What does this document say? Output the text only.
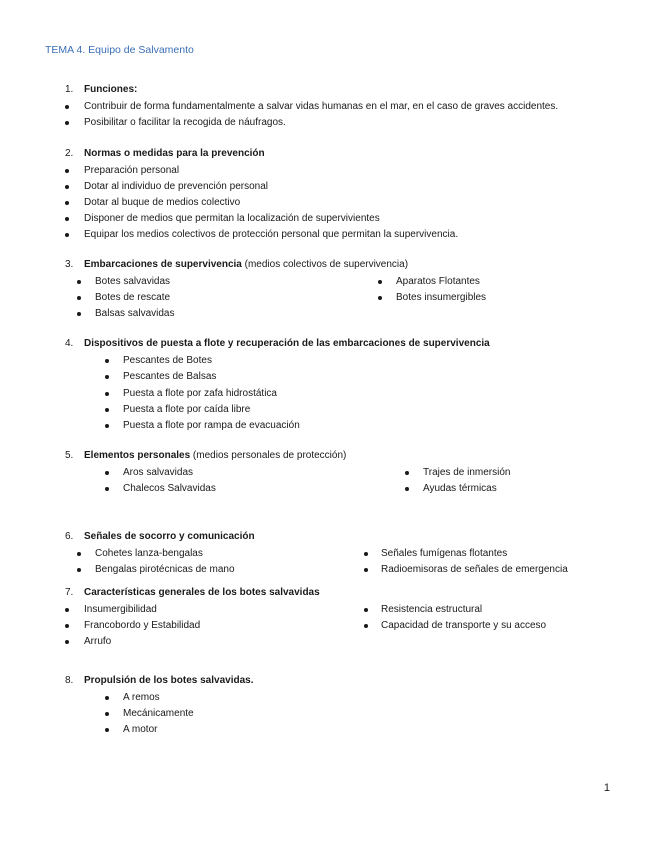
TEMA 4. Equipo de Salvamento
1. Funciones:
Contribuir de forma fundamentalmente a salvar vidas humanas en el mar, en el caso de graves accidentes.
Posibilitar o facilitar la recogida de náufragos.
2. Normas o medidas para la prevención
Preparación personal
Dotar al individuo de prevención personal
Dotar al buque de medios colectivo
Disponer de medios que permitan la localización de supervivientes
Equipar los medios colectivos de protección personal que permitan la supervivencia.
3. Embarcaciones de supervivencia (medios colectivos de supervivencia)
Botes salvavidas
Botes de rescate
Balsas salvavidas
Aparatos Flotantes
Botes insumergibles
4. Dispositivos de puesta a flote y recuperación de las embarcaciones de supervivencia
Pescantes de Botes
Pescantes de Balsas
Puesta a flote por zafa hidrostática
Puesta a flote por caída libre
Puesta a flote por rampa de evacuación
5. Elementos personales (medios personales de protección)
Aros salvavidas
Chalecos Salvavidas
Trajes de inmersión
Ayudas térmicas
6. Señales de socorro y comunicación
Cohetes lanza-bengalas
Bengalas pirotécnicas de mano
Señales fumígenas flotantes
Radioemisoras de señales de emergencia
7. Características generales de los botes salvavidas
Insumergibilidad
Francobordo y Estabilidad
Arrufo
Resistencia estructural
Capacidad de transporte y su acceso
8. Propulsión de los botes salvavidas.
A remos
Mecánicamente
A motor
1
